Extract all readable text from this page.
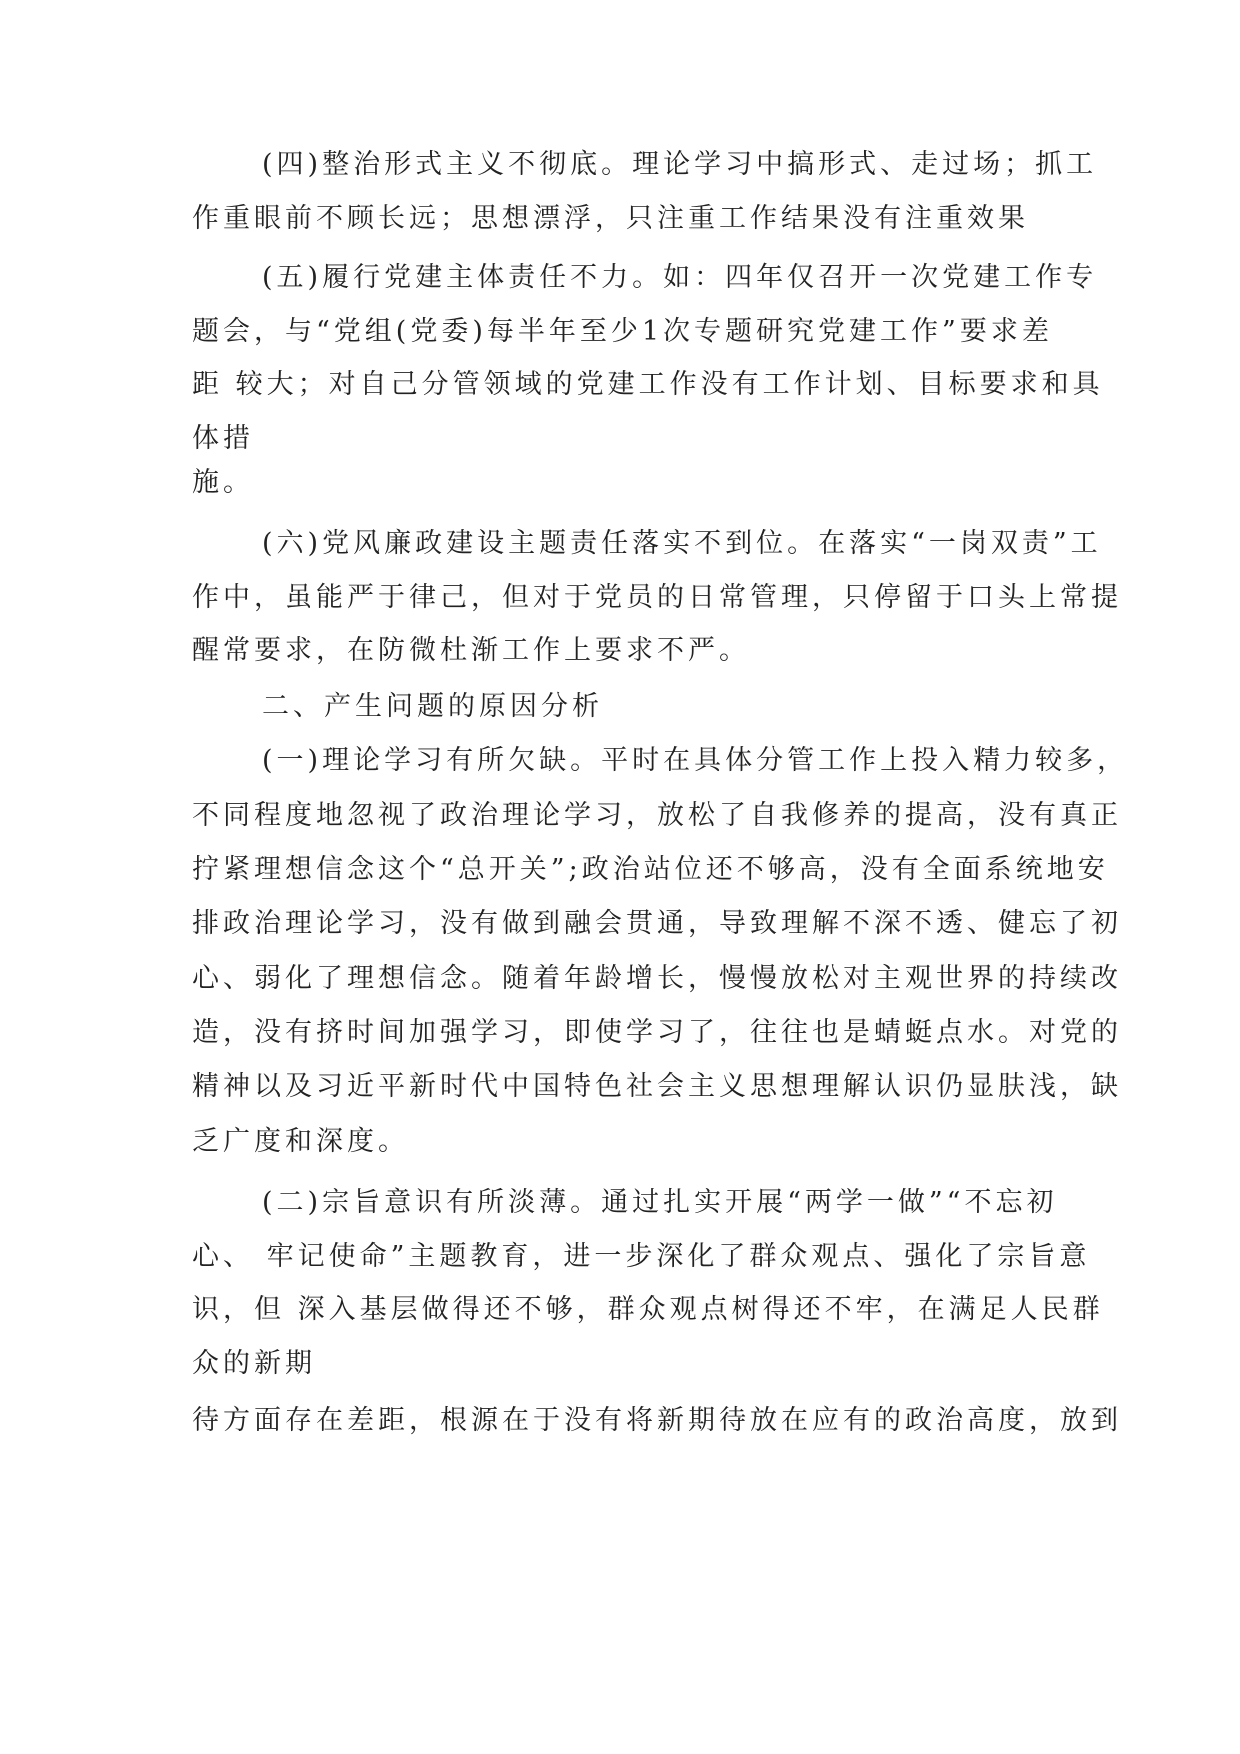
(四)整治形式主义不彻底。理论学习中搞形式、走过场；抓工

作重眼前不顾长远；思想漂浮，只注重工作结果没有注重效果

(五)履行党建主体责任不力。如：四年仅召开一次党建工作专

题会，与“党组(党委)每半年至少1次专题研究党建工作”要求差

距 较大；对自己分管领域的党建工作没有工作计划、目标要求和具

体措

施。

(六)党风廉政建设主题责任落实不到位。在落实“一岗双责”工

作中，虽能严于律己，但对于党员的日常管理，只停留于口头上常提

醒常要求，在防微杜渐工作上要求不严。

二、产生问题的原因分析

(一)理论学习有所欠缺。平时在具体分管工作上投入精力较多，

不同程度地忽视了政治理论学习，放松了自我修养的提高，没有真正

拧紧理想信念这个“总开关”;政治站位还不够高，没有全面系统地安

排政治理论学习，没有做到融会贯通，导致理解不深不透、健忘了初

心、弱化了理想信念。随着年龄增长，慢慢放松对主观世界的持续改

造，没有挤时间加强学习，即使学习了，往往也是蜻蜓点水。对党的

精神以及习近平新时代中国特色社会主义思想理解认识仍显肤浅，缺

乏广度和深度。

(二)宗旨意识有所淡薄。通过扎实开展“两学一做”“不忘初

心、 牢记使命”主题教育，进一步深化了群众观点、强化了宗旨意

识，但 深入基层做得还不够，群众观点树得还不牢，在满足人民群

众的新期

待方面存在差距，根源在于没有将新期待放在应有的政治高度，放到
